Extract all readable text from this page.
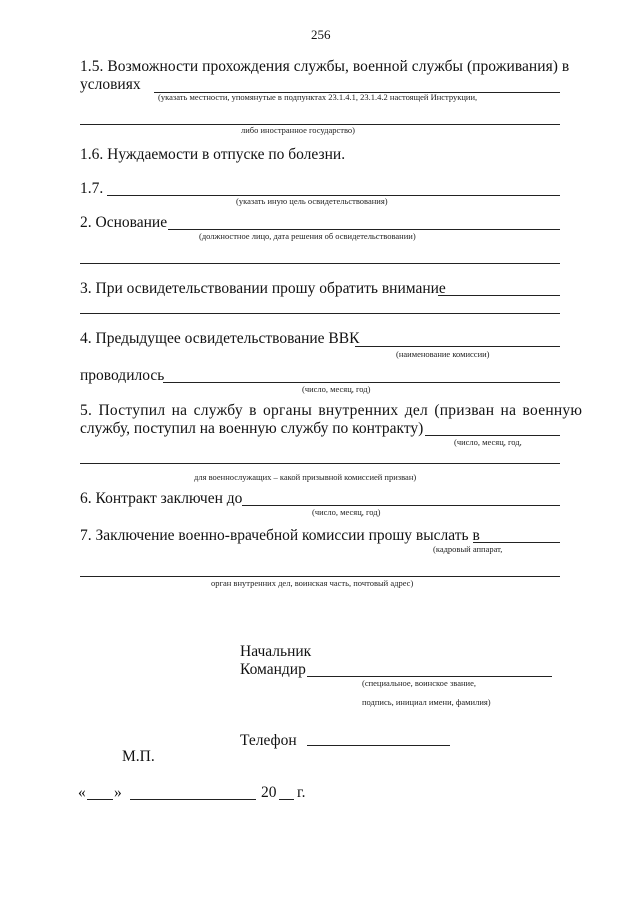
256
1.5. Возможности прохождения службы, военной службы (проживания) в
условиях
(указать местности, упомянутые в подпунктах 23.1.4.1, 23.1.4.2 настоящей Инструкции,
либо иностранное государство)
1.6. Нуждаемости в отпуске по болезни.
1.7.
(указать иную цель освидетельствования)
2. Основание
(должностное лицо, дата решения об освидетельствовании)
3. При освидетельствовании прошу обратить внимание
4. Предыдущее освидетельствование ВВК
(наименование комиссии)
проводилось
(число, месяц, год)
5. Поступил на службу в органы внутренних дел (призван на военную
службу, поступил на военную службу по контракту)
(число, месяц, год,
для военнослужащих – какой призывной комиссией призван)
6. Контракт заключен до
(число, месяц, год)
7. Заключение военно-врачебной комиссии прошу выслать в
(кадровый аппарат,
орган внутренних дел, воинская часть, почтовый адрес)
Начальник
Командир
(специальное, воинское звание,
подпись, инициал имени, фамилия)
Телефон
М.П.
« »	20 г.
